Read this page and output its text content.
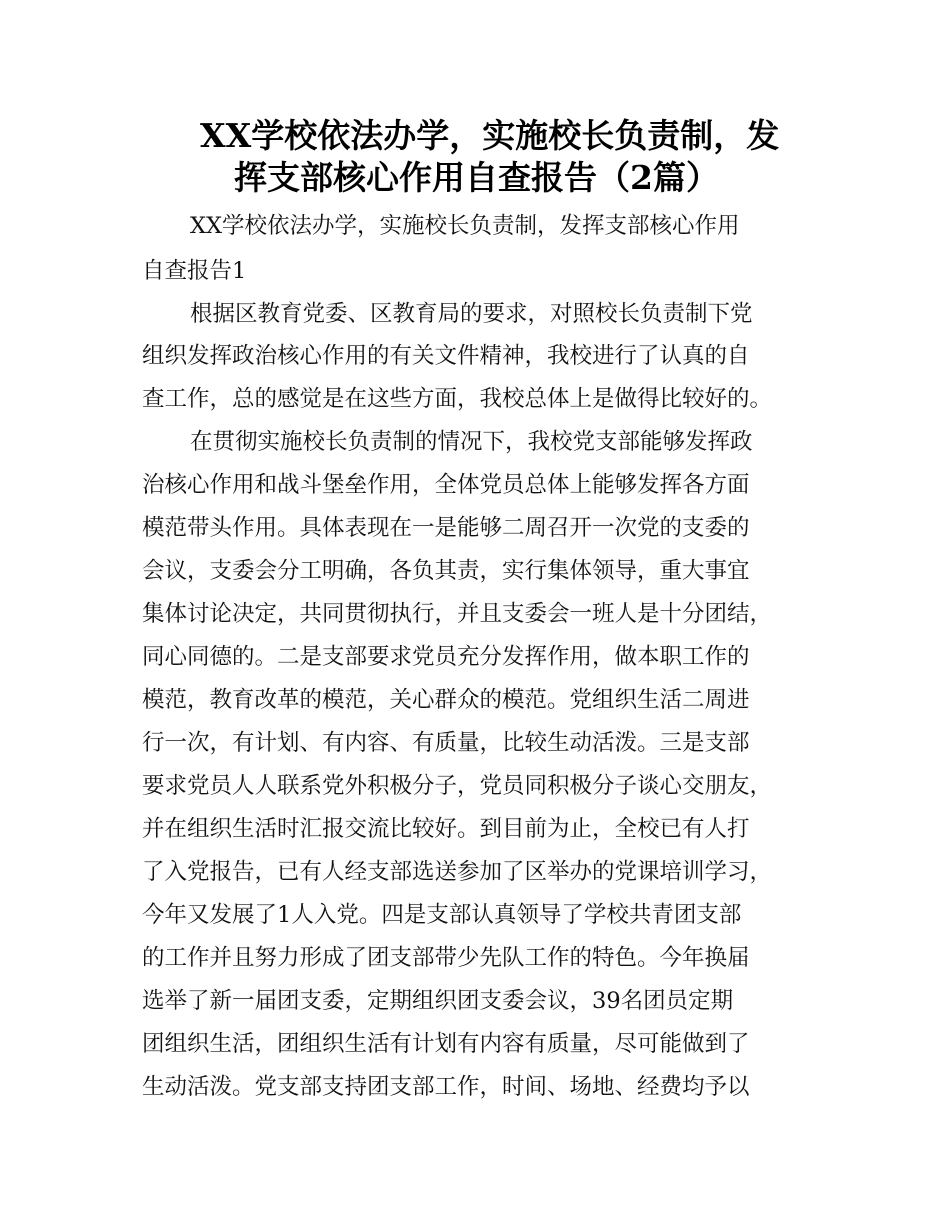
XX学校依法办学，实施校长负责制，发
挥支部核心作用自查报告（2篇）
XX学校依法办学，实施校长负责制，发挥支部核心作用
自查报告1
根据区教育党委、区教育局的要求，对照校长负责制下党
组织发挥政治核心作用的有关文件精神，我校进行了认真的自
查工作，总的感觉是在这些方面，我校总体上是做得比较好的。
在贯彻实施校长负责制的情况下，我校党支部能够发挥政
治核心作用和战斗堡垒作用，全体党员总体上能够发挥各方面
模范带头作用。具体表现在一是能够二周召开一次党的支委的
会议，支委会分工明确，各负其责，实行集体领导，重大事宜
集体讨论决定，共同贯彻执行，并且支委会一班人是十分团结，
同心同德的。二是支部要求党员充分发挥作用，做本职工作的
模范，教育改革的模范，关心群众的模范。党组织生活二周进
行一次，有计划、有内容、有质量，比较生动活泼。三是支部
要求党员人人联系党外积极分子，党员同积极分子谈心交朋友，
并在组织生活时汇报交流比较好。到目前为止，全校已有人打
了入党报告，已有人经支部选送参加了区举办的党课培训学习，
今年又发展了1人入党。四是支部认真领导了学校共青团支部
的工作并且努力形成了团支部带少先队工作的特色。今年换届
选举了新一届团支委，定期组织团支委会议，39名团员定期
团组织生活，团组织生活有计划有内容有质量，尽可能做到了
生动活泼。党支部支持团支部工作，时间、场地、经费均予以
